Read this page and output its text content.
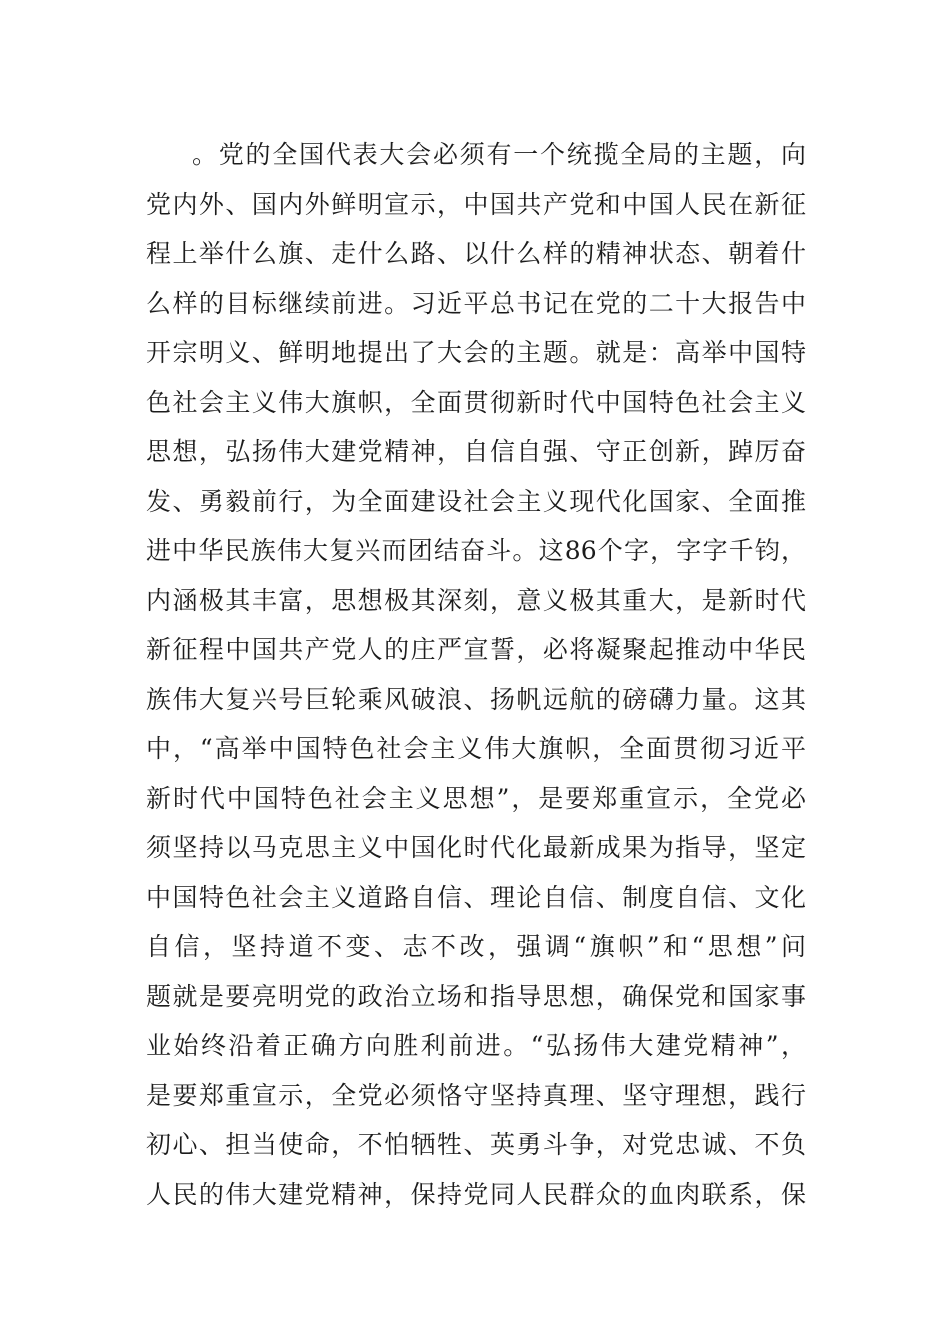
。党的全国代表大会必须有一个统揽全局的主题，向
党内外、国内外鲜明宣示，中国共产党和中国人民在新征
程上举什么旗、走什么路、以什么样的精神状态、朝着什
么样的目标继续前进。习近平总书记在党的二十大报告中
开宗明义、鲜明地提出了大会的主题。就是：高举中国特
色社会主义伟大旗帜，全面贯彻新时代中国特色社会主义
思想，弘扬伟大建党精神，自信自强、守正创新，踔厉奋
发、勇毅前行，为全面建设社会主义现代化国家、全面推
进中华民族伟大复兴而团结奋斗。这86个字，字字千钧，
内涵极其丰富，思想极其深刻，意义极其重大，是新时代
新征程中国共产党人的庄严宣誓，必将凝聚起推动中华民
族伟大复兴号巨轮乘风破浪、扬帆远航的磅礴力量。这其
中，“高举中国特色社会主义伟大旗帜，全面贯彻习近平
新时代中国特色社会主义思想”，是要郑重宣示，全党必
须坚持以马克思主义中国化时代化最新成果为指导，坚定
中国特色社会主义道路自信、理论自信、制度自信、文化
自信，坚持道不变、志不改，强调“旗帜”和“思想”问
题就是要亮明党的政治立场和指导思想，确保党和国家事
业始终沿着正确方向胜利前进。“弘扬伟大建党精神”，
是要郑重宣示，全党必须恪守坚持真理、坚守理想，践行
初心、担当使命，不怕牺牲、英勇斗争，对党忠诚、不负
人民的伟大建党精神，保持党同人民群众的血肉联系，保
